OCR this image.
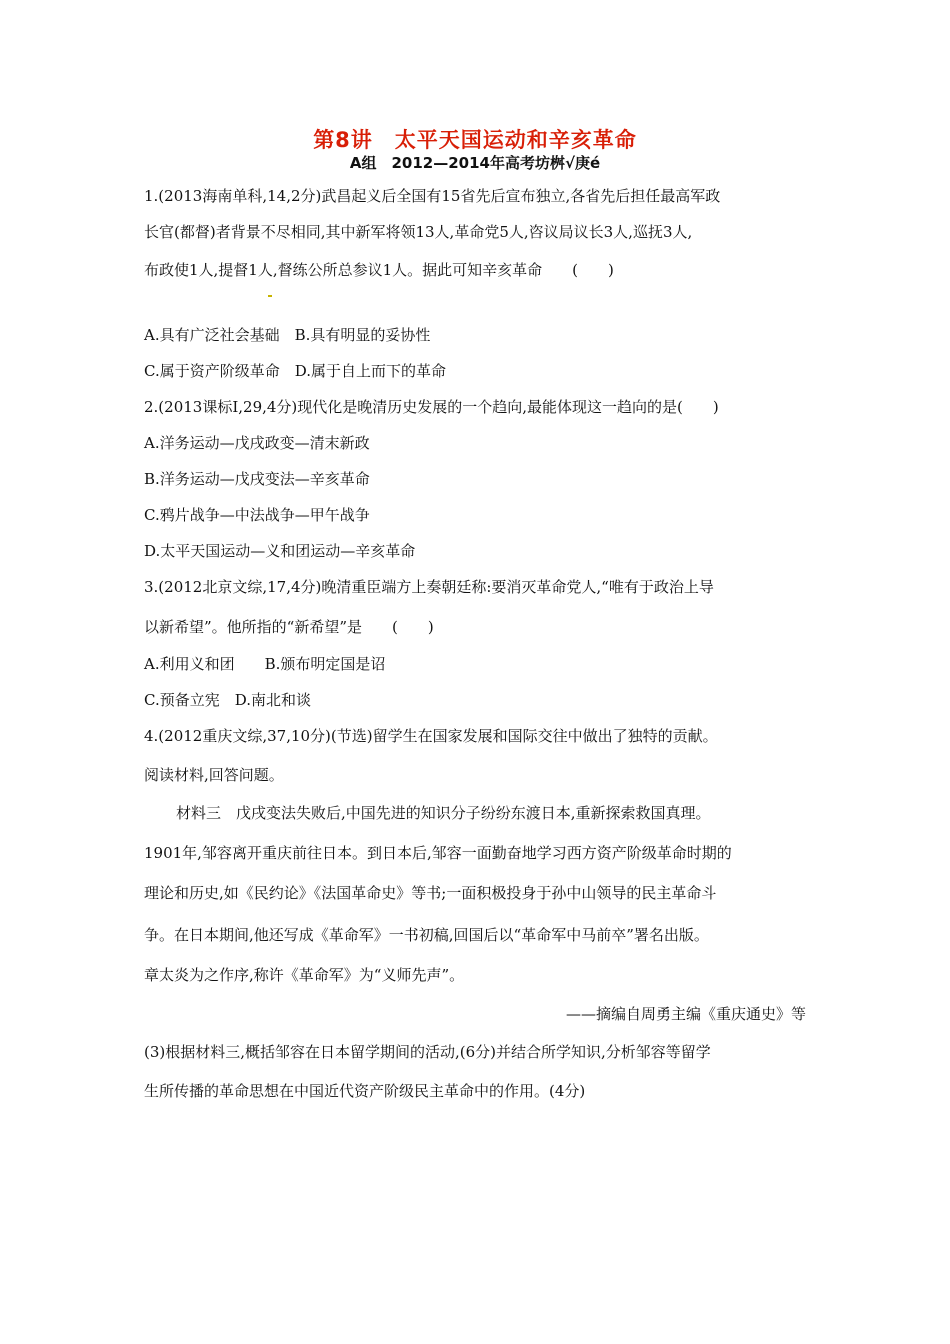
第8讲　太平天国运动和辛亥革命
A组　2012—2014年高考坊桝√庚é
1.(2013海南单科,14,2分)武昌起义后全国有15省先后宣布独立,各省先后担任最高军政
长官(都督)者背景不尽相同,其中新军将领13人,革命党5人,咨议局议长3人,巡抚3人,
布政使1人,提督1人,督练公所总参议1人。据此可知辛亥革命　　(　　)
A.具有广泛社会基础　B.具有明显的妥协性
C.属于资产阶级革命　D.属于自上而下的革命
2.(2013课标Ⅰ,29,4分)现代化是晚清历史发展的一个趋向,最能体现这一趋向的是(　　)
A.洋务运动—戊戌政变—清末新政
B.洋务运动—戊戌变法—辛亥革命
C.鸦片战争—中法战争—甲午战争
D.太平天国运动—义和团运动—辛亥革命
3.(2012北京文综,17,4分)晚清重臣端方上奏朝廷称:要消灭革命党人,“唯有于政治上导
以新希望”。他所指的“新希望”是　　(　　)
A.利用义和团　　B.颁布明定国是诏
C.预备立宪　D.南北和谈
4.(2012重庆文综,37,10分)(节选)留学生在国家发展和国际交往中做出了独特的贡献。
阅读材料,回答问题。
材料三　戊戌变法失败后,中国先进的知识分子纷纷东渡日本,重新探索救国真理。
1901年,邹容离开重庆前往日本。到日本后,邹容一面勤奋地学习西方资产阶级革命时期的
理论和历史,如《民约论》《法国革命史》等书;一面积极投身于孙中山领导的民主革命斗
争。在日本期间,他还写成《革命军》一书初稿,回国后以“革命军中马前卒”署名出版。
章太炎为之作序,称许《革命军》为“义师先声”。
——摘编自周勇主编《重庆通史》等
(3)根据材料三,概括邹容在日本留学期间的活动,(6分)并结合所学知识,分析邹容等留学
生所传播的革命思想在中国近代资产阶级民主革命中的作用。(4分)
